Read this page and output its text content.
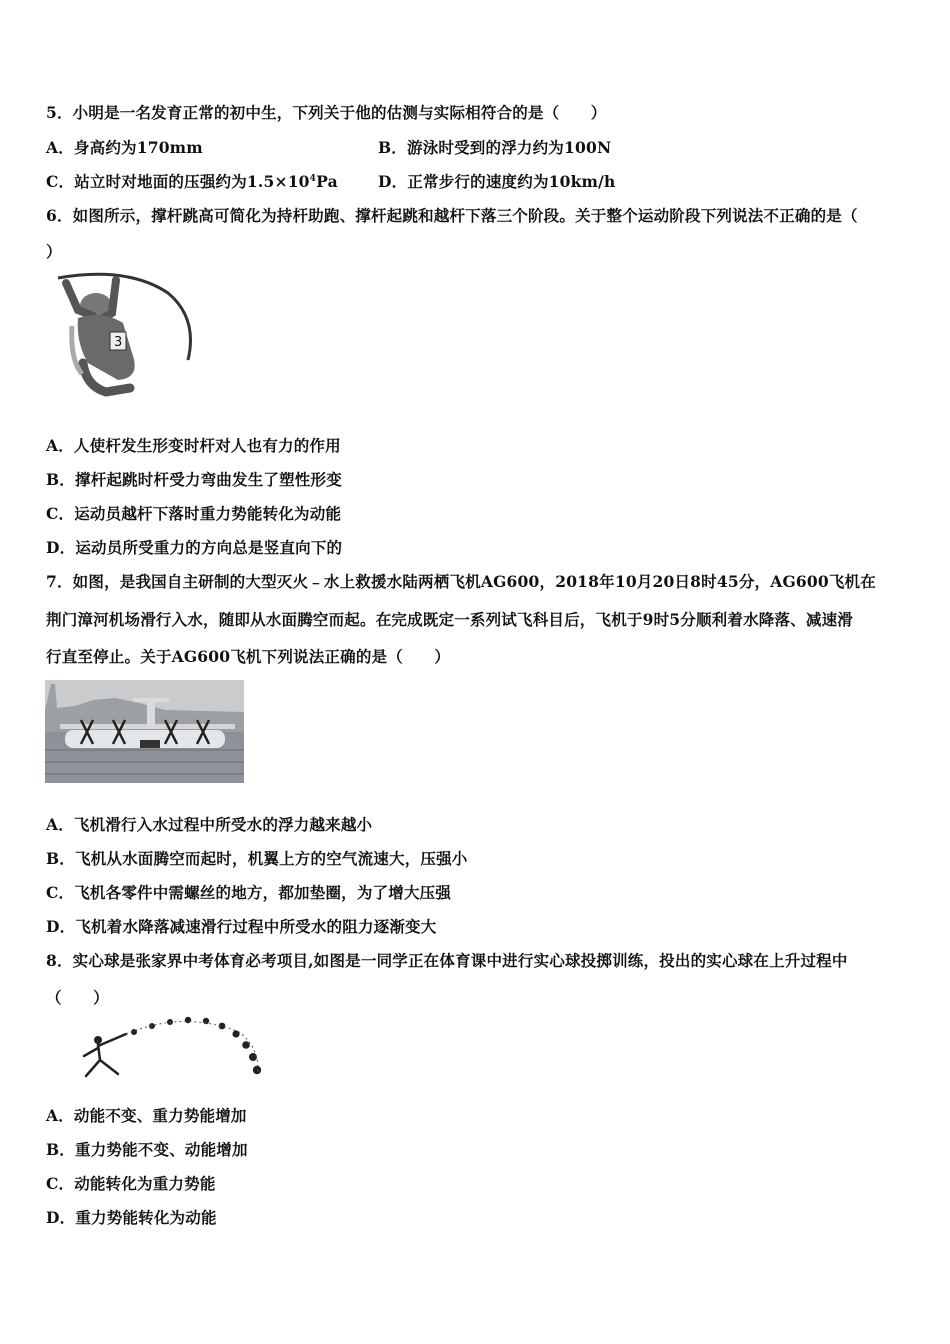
5．小明是一名发育正常的初中生，下列关于他的估测与实际相符合的是（　　）
A．身高约为170mm	B．游泳时受到的浮力约为100N
C．站立时对地面的压强约为$1.5\times 10^4Pa$	D．正常步行的速度约为10km/h
6．如图所示，撑杆跳高可简化为持杆助跑、撑杆起跳和越杆下落三个阶段。关于整个运动阶段下列说法不正确的是（
）
3
A．人使杆发生形变时杆对人也有力的作用
B．撑杆起跳时杆受力弯曲发生了塑性形变
C．运动员越杆下落时重力势能转化为动能
D．运动员所受重力的方向总是竖直向下的
7．如图，是我国自主研制的大型灭火﹣水上救援水陆两栖飞机AG600，2018年10月20日8时45分，AG600飞机在
荆门漳河机场滑行入水，随即从水面腾空而起。在完成既定一系列试飞科目后，飞机于9时5分顺利着水降落、减速滑
行直至停止。关于AG600飞机下列说法正确的是（　　）
A．飞机滑行入水过程中所受水的浮力越来越小
B．飞机从水面腾空而起时，机翼上方的空气流速大，压强小
C．飞机各零件中需螺丝的地方，都加垫圈，为了增大压强
D．飞机着水降落减速滑行过程中所受水的阻力逐渐变大
8．实心球是张家界中考体育必考项目,如图是一同学正在体育课中进行实心球投掷训练，投出的实心球在上升过程中
（　　）
A．动能不变、重力势能增加
B．重力势能不变、动能增加
C．动能转化为重力势能
D．重力势能转化为动能
